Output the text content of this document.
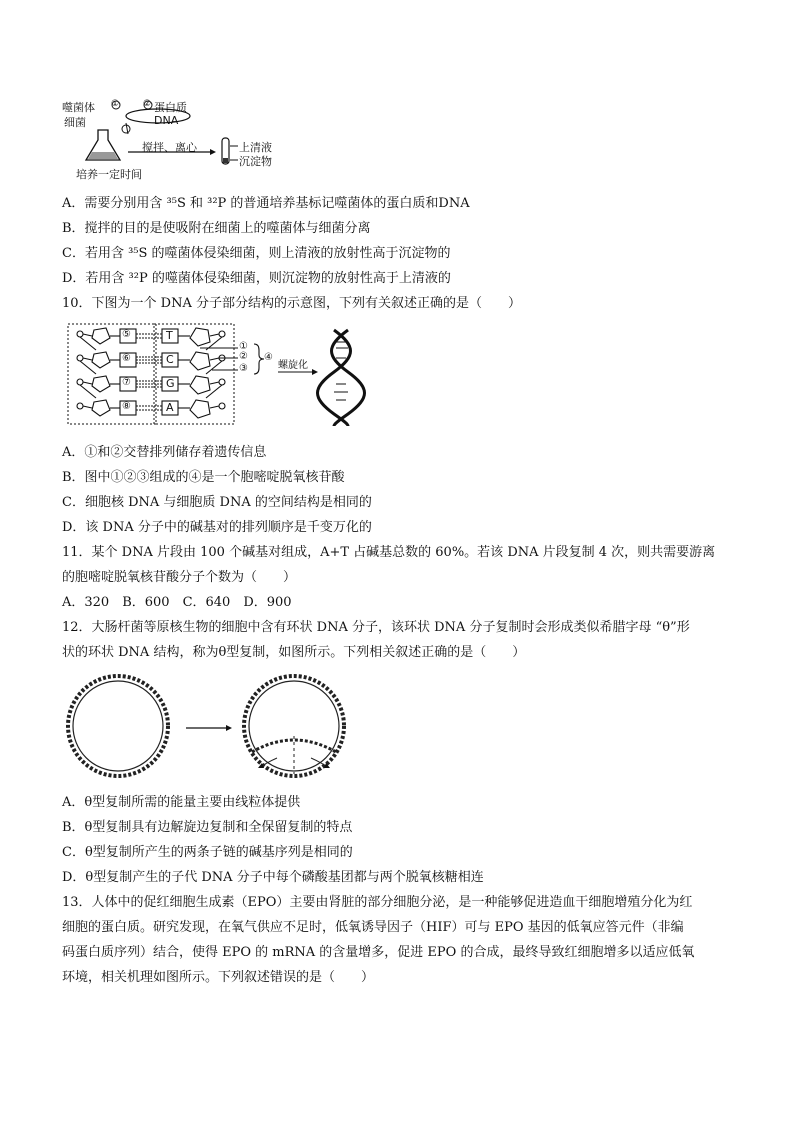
噬菌体 ①	② 蛋白质
细菌	DNA
搅拌、离心	上清液
沉淀物
培养一定时间
A．需要分别用含 ³⁵S 和 ³²P 的普通培养基标记噬菌体的蛋白质和DNA
B．搅拌的目的是使吸附在细菌上的噬菌体与细菌分离
C．若用含 ³⁵S 的噬菌体侵染细菌，则上清液的放射性高于沉淀物的
D．若用含 ³²P 的噬菌体侵染细菌，则沉淀物的放射性高于上清液的
10．下图为一个 DNA 分子部分结构的示意图，下列有关叙述正确的是（　　）
⑤
⑥
⑦
⑧
T
C
G
A
①
②
③
④
螺旋化
A．①和②交替排列储存着遗传信息
B．图中①②③组成的④是一个胞嘧啶脱氧核苷酸
C．细胞核 DNA 与细胞质 DNA 的空间结构是相同的
D．该 DNA 分子中的碱基对的排列顺序是千变万化的
11．某个 DNA 片段由 100 个碱基对组成，A+T 占碱基总数的 60%。若该 DNA 片段复制 4 次，则共需要游离
的胞嘧啶脱氧核苷酸分子个数为（　　）
A．320　B．600　C．640　D．900
12．大肠杆菌等原核生物的细胞中含有环状 DNA 分子，该环状 DNA 分子复制时会形成类似希腊字母 “θ”形
状的环状 DNA 结构，称为θ型复制，如图所示。下列相关叙述正确的是（　　）
A．θ型复制所需的能量主要由线粒体提供
B．θ型复制具有边解旋边复制和全保留复制的特点
C．θ型复制所产生的两条子链的碱基序列是相同的
D．θ型复制产生的子代 DNA 分子中每个磷酸基团都与两个脱氧核糖相连
13．人体中的促红细胞生成素（EPO）主要由肾脏的部分细胞分泌，是一种能够促进造血干细胞增殖分化为红
细胞的蛋白质。研究发现，在氧气供应不足时，低氧诱导因子（HIF）可与 EPO 基因的低氧应答元件（非编
码蛋白质序列）结合，使得 EPO 的 mRNA 的含量增多，促进 EPO 的合成，最终导致红细胞增多以适应低氧
环境，相关机理如图所示。下列叙述错误的是（　　）
